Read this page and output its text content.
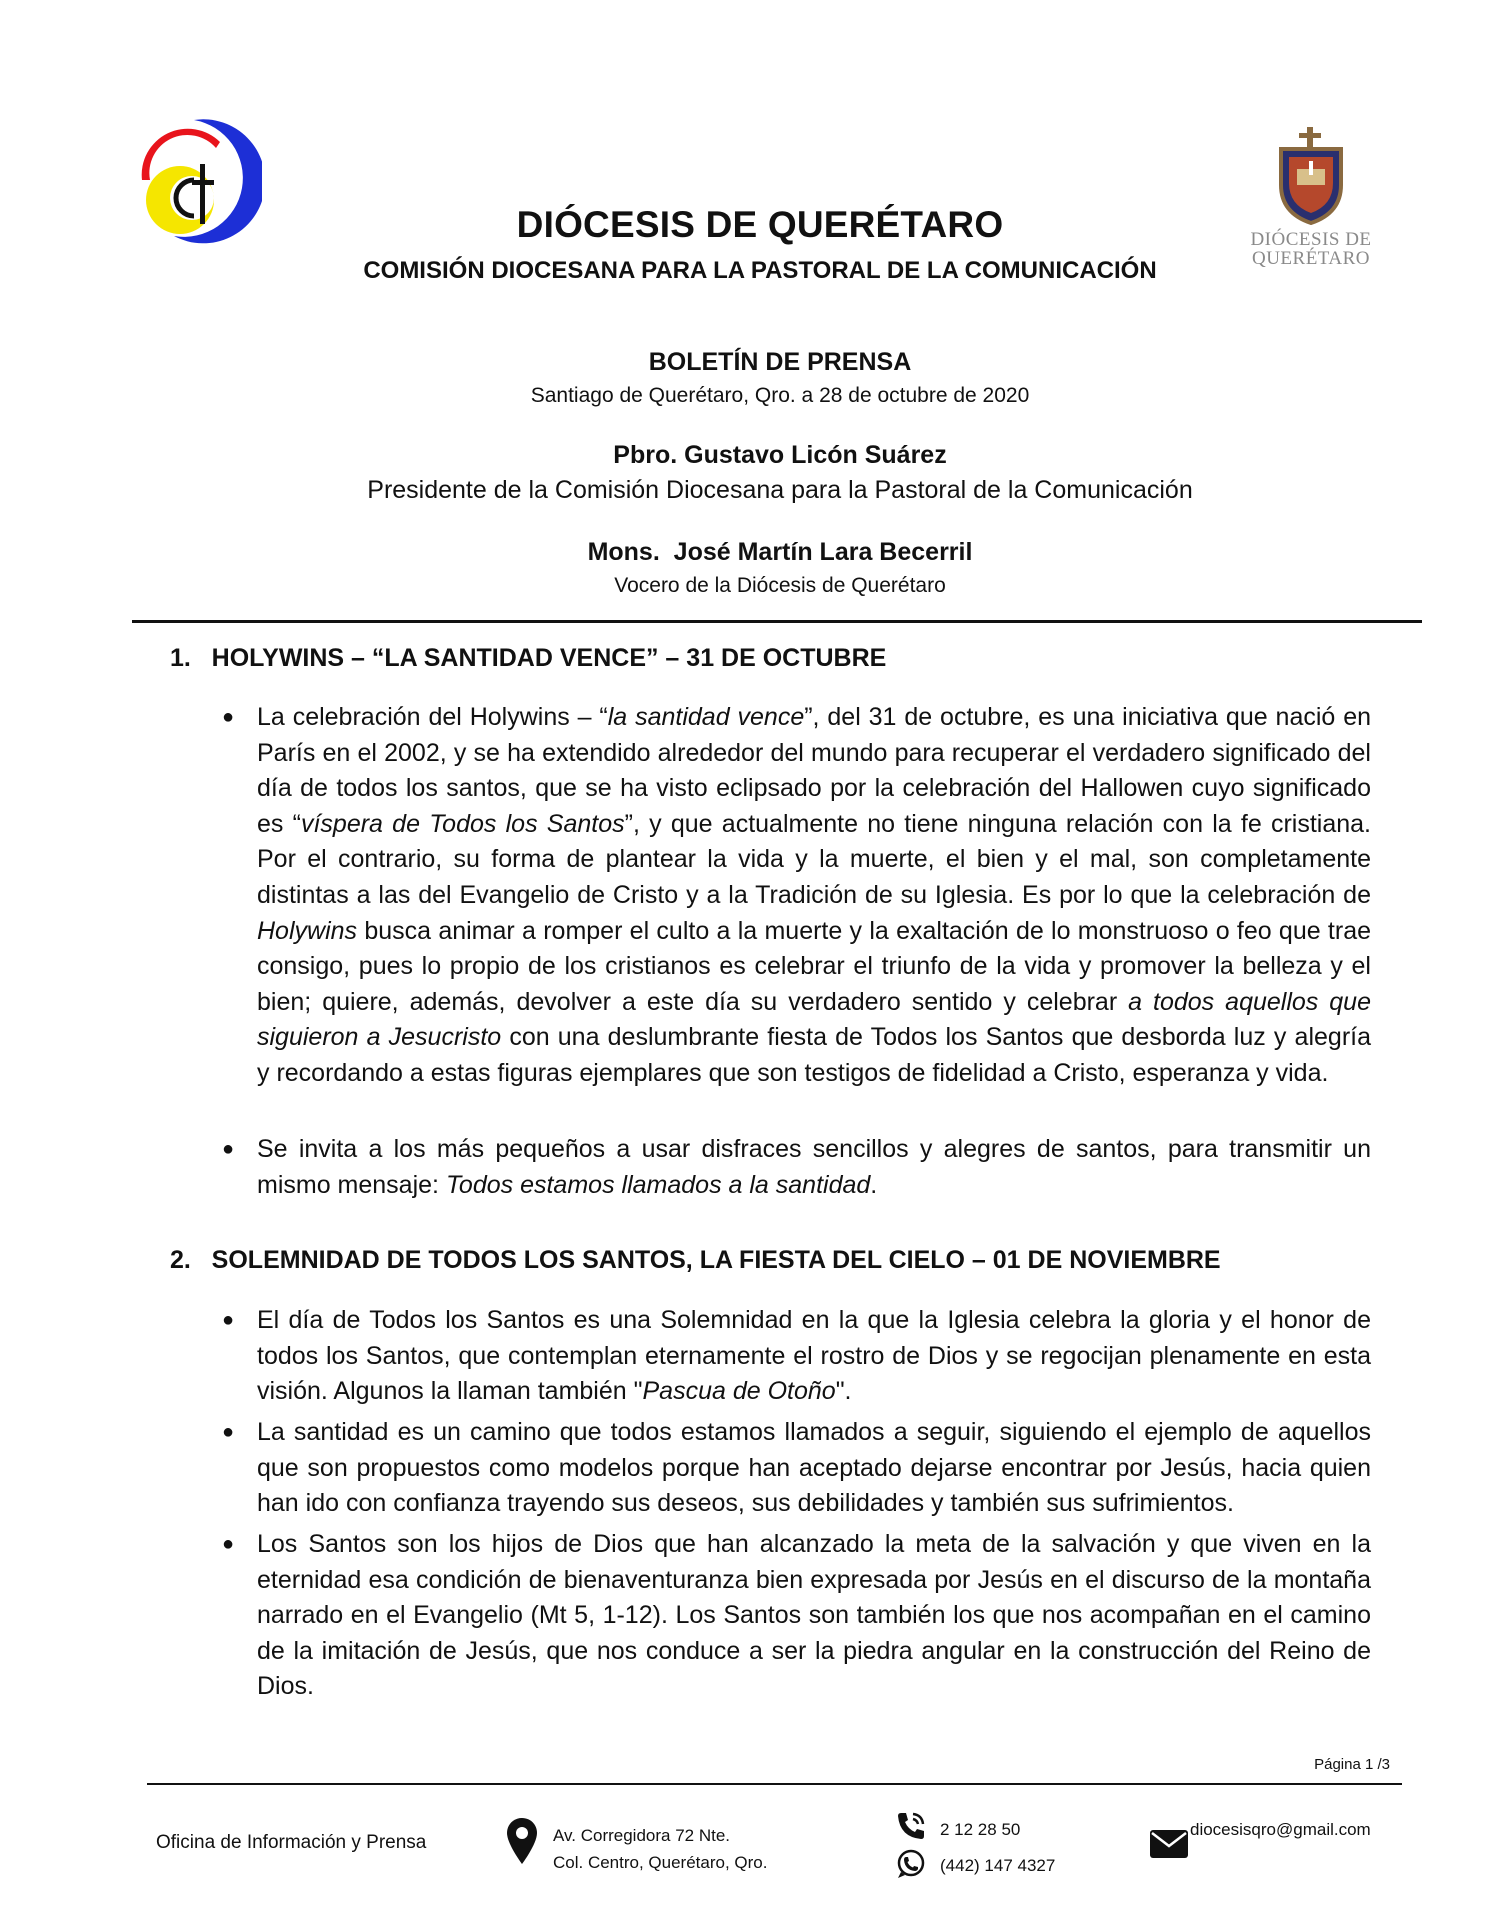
DIÓCESIS DE
QUERÉTARO
DIÓCESIS DE QUERÉTARO
COMISIÓN DIOCESANA PARA LA PASTORAL DE LA COMUNICACIÓN
BOLETÍN DE PRENSA
Santiago de Querétaro, Qro. a 28 de octubre de 2020
Pbro. Gustavo Licón Suárez
Presidente de la Comisión Diocesana para la Pastoral de la Comunicación
Mons.  José Martín Lara Becerril
Vocero de la Diócesis de Querétaro
1.   HOLYWINS – “LA SANTIDAD VENCE” – 31 DE OCTUBRE
2.   SOLEMNIDAD DE TODOS LOS SANTOS, LA FIESTA DEL CIELO – 01 DE NOVIEMBRE
● La celebración del Holywins – “la santidad vence”, del 31 de octubre, es una iniciativa que nació en París en el 2002, y se ha extendido alrededor del mundo para recuperar el verdadero significado del día de todos los santos, que se ha visto eclipsado por la celebración del Hallowen cuyo significado es “víspera de Todos los Santos”, y que actualmente no tiene ninguna relación con la fe cristiana. Por el contrario, su forma de plantear la vida y la muerte, el bien y el mal, son completamente distintas a las del Evangelio de Cristo y a la Tradición de su Iglesia. Es por lo que la celebración de Holywins busca animar a romper el culto a la muerte y la exaltación de lo monstruoso o feo que trae consigo, pues lo propio de los cristianos es celebrar el triunfo de la vida y promover la belleza y el bien; quiere, además, devolver a este día su verdadero sentido y celebrar a todos aquellos que siguieron a Jesucristo con una deslumbrante fiesta de Todos los Santos que desborda luz y alegría y recordando a estas figuras ejemplares que son testigos de fidelidad a Cristo, esperanza y vida.
● Se invita a los más pequeños a usar disfraces sencillos y alegres de santos, para transmitir un mismo mensaje: Todos estamos llamados a la santidad.
● El día de Todos los Santos es una Solemnidad en la que la Iglesia celebra la gloria y el honor de todos los Santos, que contemplan eternamente el rostro de Dios y se regocijan plenamente en esta visión. Algunos la llaman también "Pascua de Otoño".
● La santidad es un camino que todos estamos llamados a seguir, siguiendo el ejemplo de aquellos que son propuestos como modelos porque han aceptado dejarse encontrar por Jesús, hacia quien han ido con confianza trayendo sus deseos, sus debilidades y también sus sufrimientos.
● Los Santos son los hijos de Dios que han alcanzado la meta de la salvación y que viven en la eternidad esa condición de bienaventuranza bien expresada por Jesús en el discurso de la montaña narrado en el Evangelio (Mt 5, 1-12). Los Santos son también los que nos acompañan en el camino de la imitación de Jesús, que nos conduce a ser la piedra angular en la construcción del Reino de Dios.
Página 1 /3
Oficina de Información y Prensa	Av. Corregidora 72 Nte.
Col. Centro, Querétaro, Qro.
2 12 28 50
(442) 147 4327
diocesisqro@gmail.com
